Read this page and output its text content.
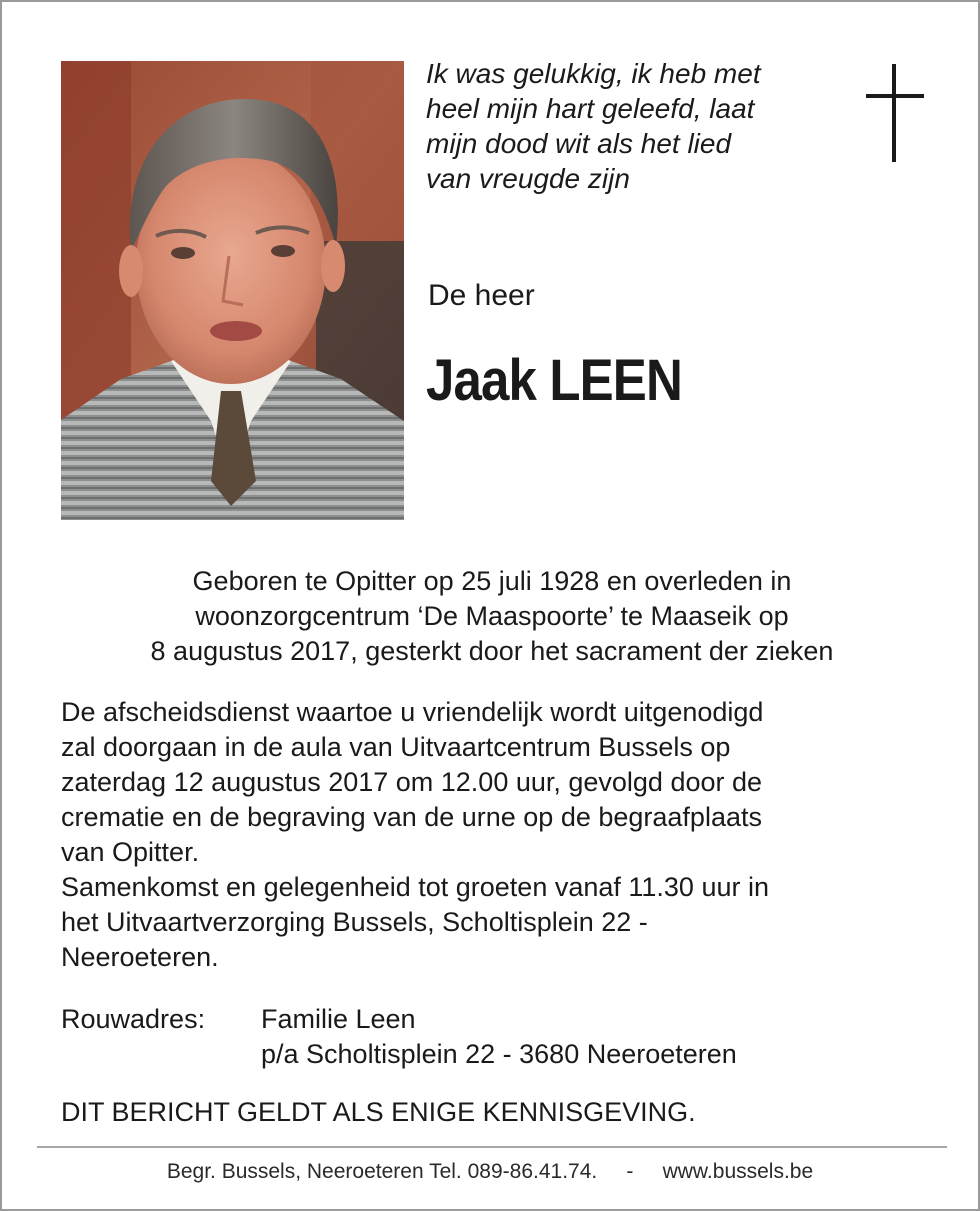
Ik was gelukkig, ik heb met
heel mijn hart geleefd, laat
mijn dood wit als het lied
van vreugde zijn
De heer
Jaak LEEN
Geboren te Opitter op 25 juli 1928 en overleden in
woonzorgcentrum ‘De Maaspoorte’ te Maaseik op
8 augustus 2017, gesterkt door het sacrament der zieken
De afscheidsdienst waartoe u vriendelijk wordt uitgenodigd
zal doorgaan in de aula van Uitvaartcentrum Bussels op
zaterdag 12 augustus 2017 om 12.00 uur, gevolgd door de
crematie en de begraving van de urne op de begraafplaats
van Opitter.
Samenkomst en gelegenheid tot groeten vanaf 11.30 uur in
het Uitvaartverzorging Bussels, Scholtisplein 22 -
Neeroeteren.
Rouwadres: Familie Leen
p/a Scholtisplein 22 - 3680 Neeroeteren
DIT BERICHT GELDT ALS ENIGE KENNISGEVING.
Begr. Bussels, Neeroeteren Tel. 089-86.41.74. - www.bussels.be
